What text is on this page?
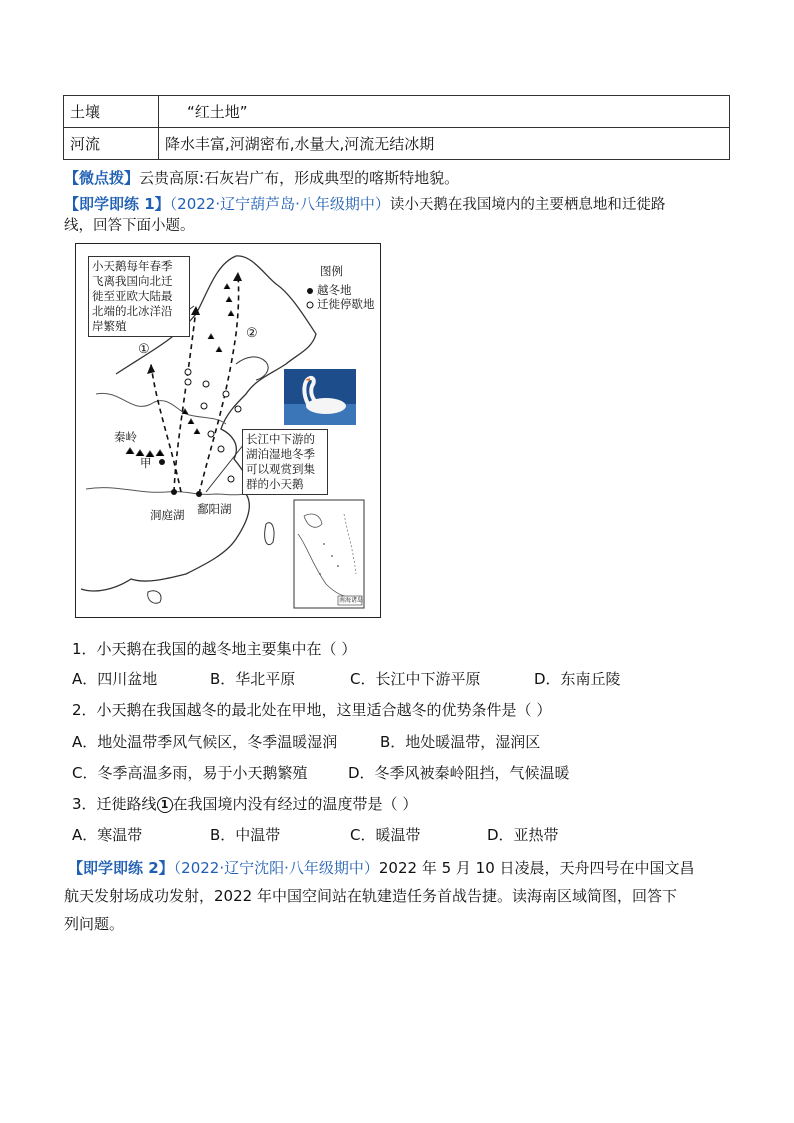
土壤	“红土地”
河流	降水丰富,河湖密布,水量大,河流无结冰期
【微点拨】云贵高原:石灰岩广布，形成典型的喀斯特地貌。
【即学即练 1】（2022·辽宁葫芦岛·八年级期中）读小天鹅在我国境内的主要栖息地和迁徙路
线，回答下面小题。
小天鹅每年春季
飞离我国向北迁
徙至亚欧大陆最
北端的北冰洋沿
岸繁殖
图例
越冬地
迁徙停歇地
①
②
秦岭
甲
洞庭湖 鄱阳湖
长江中下游的
湖泊湿地冬季
可以观赏到集
群的小天鹅
南海诸岛
1．小天鹅在我国的越冬地主要集中在（ ）
A．四川盆地	B．华北平原	C．长江中下游平原	D．东南丘陵
2．小天鹅在我国越冬的最北处在甲地，这里适合越冬的优势条件是（ ）
A．地处温带季风气候区，冬季温暖湿润	B．地处暖温带，湿润区
C．冬季高温多雨，易于小天鹅繁殖	D．冬季风被秦岭阻挡，气候温暖
3．迁徙路线 1 在我国境内没有经过的温度带是（ ）
A．寒温带	B．中温带	C．暖温带	D．亚热带
【即学即练 2】（2022·辽宁沈阳·八年级期中）2022 年 5 月 10 日凌晨，天舟四号在中国文昌
航天发射场成功发射，2022 年中国空间站在轨建造任务首战告捷。读海南区域简图，回答下
列问题。
